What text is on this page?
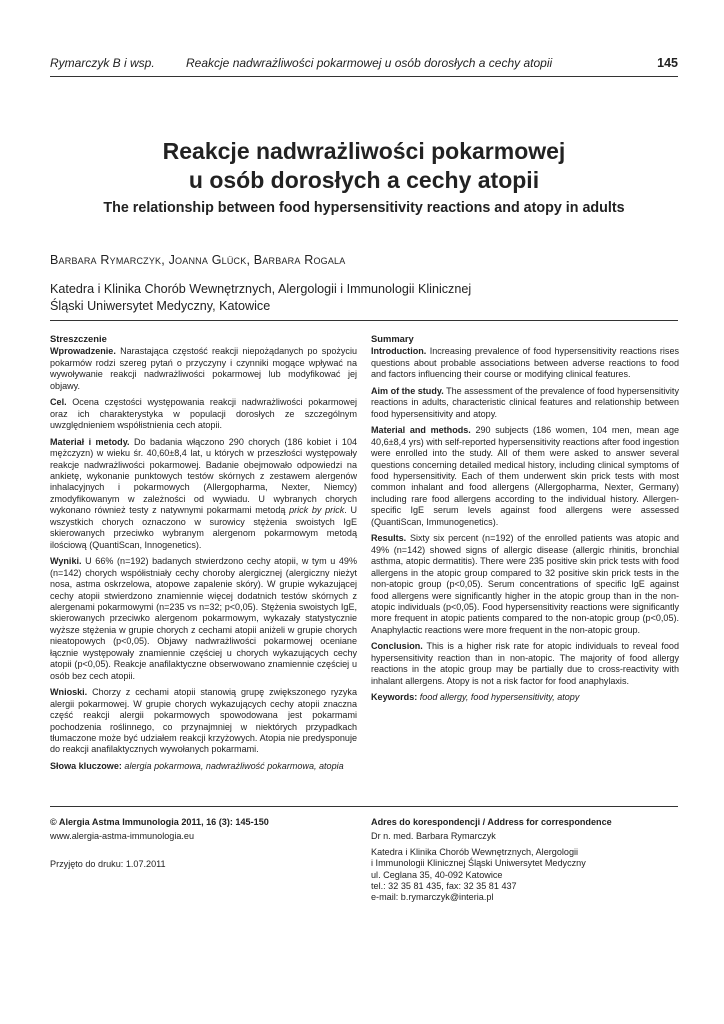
Rymarczyk B i wsp.	Reakcje nadwrażliwości pokarmowej u osób dorosłych a cechy atopii	145
Reakcje nadwrażliwości pokarmowej
u osób dorosłych a cechy atopii
The relationship between food hypersensitivity reactions and atopy in adults
Barbara Rymarczyk, Joanna Glück, Barbara Rogala
Katedra i Klinika Chorób Wewnętrznych, Alergologii i Immunologii Klinicznej
Śląski Uniwersytet Medyczny, Katowice
Streszczenie

Wprowadzenie. Narastająca częstość reakcji niepożądanych po spożyciu pokarmów rodzi szereg pytań o przyczyny i czynniki mogące wpływać na wywoływanie reakcji nadwrażliwości pokarmowej lub modyfikować jej objawy.

Cel. Ocena częstości występowania reakcji nadwrażliwości pokarmowej oraz ich charakterystyka w populacji dorosłych ze szczególnym uwzględnieniem współistnienia cech atopii.

Materiał i metody. Do badania włączono 290 chorych (186 kobiet i 104 mężczyzn) w wieku śr. 40,60±8,4 lat, u których w przeszłości występowały reakcje nadwrażliwości pokarmowej. Badanie obejmowało odpowiedzi na ankietę, wykonanie punktowych testów skórnych z zestawem alergenów inhalacyjnych i pokarmowych (Allergopharma, Nexter, Niemcy) zmodyfikowanym w zależności od wywiadu. U wybranych chorych wykonano również testy z natywnymi pokarmami metodą prick by prick. U wszystkich chorych oznaczono w surowicy stężenia swoistych IgE skierowanych przeciwko wybranym alergenom pokarmowym metodą ilościową (QuantiScan, Innogenetics).

Wyniki. U 66% (n=192) badanych stwierdzono cechy atopii, w tym u 49% (n=142) chorych współistniały cechy choroby alergicznej (alergiczny nieżyt nosa, astma oskrzelowa, atopowe zapalenie skóry). W grupie wykazującej cechy atopii stwierdzono znamiennie więcej dodatnich testów skórnych z alergenami pokarmowymi (n=235 vs n=32; p<0,05). Stężenia swoistych IgE, skierowanych przeciwko alergenom pokarmowym, wykazały statystycznie wyższe stężenia w grupie chorych z cechami atopii aniżeli w grupie chorych nieatopowych (p<0,05). Objawy nadwrażliwości pokarmowej oceniane łącznie występowały znamiennie częściej u chorych wykazujących cechy atopii (p<0,05). Reakcje anafilaktyczne obserwowano znamiennie częściej u osób bez cech atopii.

Wnioski. Chorzy z cechami atopii stanowią grupę zwiększonego ryzyka alergii pokarmowej. W grupie chorych wykazujących cechy atopii znaczna część reakcji alergii pokarmowych spowodowana jest pokarmami pochodzenia roślinnego, co przynajmniej w niektórych przypadkach tłumaczone może być udziałem reakcji krzyżowych. Atopia nie predysponuje do reakcji anafilaktycznych wywołanych pokarmami.

Słowa kluczowe: alergia pokarmowa, nadwrażliwość pokarmowa, atopia

Summary

Introduction. Increasing prevalence of food hypersensitivity reactions rises questions about probable associations between adverse reactions to food and factors influencing their course or modifying clinical features.

Aim of the study. The assessment of the prevalence of food hypersensitivity reactions in adults, characteristic clinical features and relationship between food hypersensitivity and atopy.

Material and methods. 290 subjects (186 women, 104 men, mean age 40,6±8,4 yrs) with self-reported hypersensitivity reactions after food ingestion were enrolled into the study. All of them were asked to answer several questions concerning detailed medical history, including clinical symptoms of food hypersensitivity. Each of them underwent skin prick tests with most common inhalant and food allergens (Allergopharma, Nexter, Germany) including rare food allergens according to the individual history. Allergen-specific IgE serum levels against food allergens were assessed (QuantiScan, Immunogenetics).

Results. Sixty six percent (n=192) of the enrolled patients was atopic and 49% (n=142) showed signs of allergic disease (allergic rhinitis, bronchial asthma, atopic dermatitis). There were 235 positive skin prick tests with food allergens in the atopic group compared to 32 positive skin prick tests in the non-atopic group (p<0,05). Serum concentrations of specific IgE against food allergens were significantly higher in the atopic group than in the non-atopic individuals (p<0,05). Food hypersensitivity reactions were significantly more frequent in atopic patients compared to the non-atopic group (p<0,05). Anaphylactic reactions were more frequent in the non-atopic group.

Conclusion. This is a higher risk rate for atopic individuals to reveal food hypersensitivity reaction than in non-atopic. The majority of food allergy reactions in the atopic group may be partially due to cross-reactivity with inhalant allergens. Atopy is not a risk factor for food anaphylaxis.

Keywords: food allergy, food hypersensitivity, atopy

© Alergia Astma Immunologia 2011, 16 (3): 145-150
www.alergia-astma-immunologia.eu
Przyjęto do druku: 1.07.2011
Adres do korespondencji / Address for correspondence
Dr n. med. Barbara Rymarczyk
Katedra i Klinika Chorób Wewnętrznych, Alergologii
i Immunologii Klinicznej Śląski Uniwersytet Medyczny
ul. Ceglana 35, 40-092 Katowice
tel.: 32 35 81 435, fax: 32 35 81 437
e-mail: b.rymarczyk@interia.pl
